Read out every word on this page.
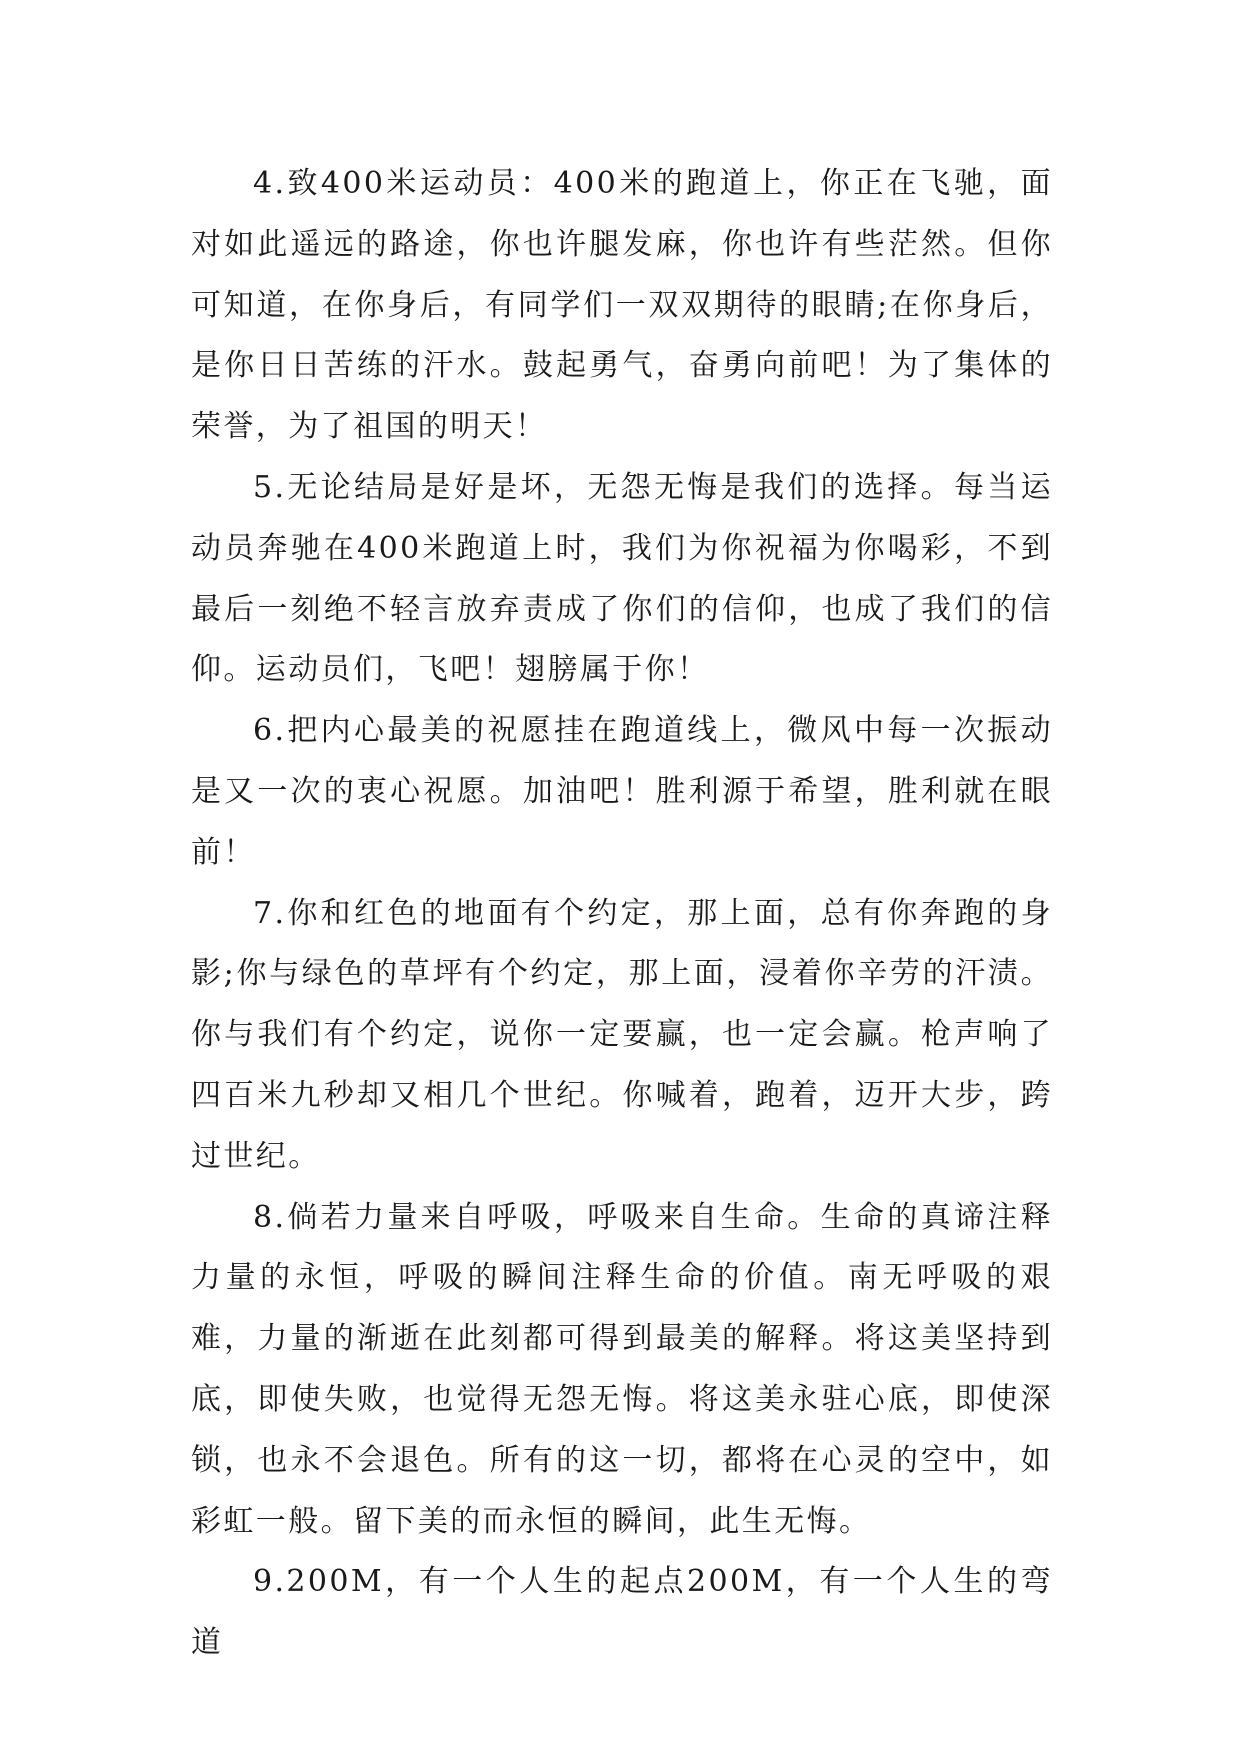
4.致400米运动员：400米的跑道上，你正在飞驰，面对如此遥远的路途，你也许腿发麻，你也许有些茫然。但你可知道，在你身后，有同学们一双双期待的眼睛;在你身后，是你日日苦练的汗水。鼓起勇气，奋勇向前吧！为了集体的荣誉，为了祖国的明天！

5.无论结局是好是坏，无怨无悔是我们的选择。每当运动员奔驰在400米跑道上时，我们为你祝福为你喝彩，不到最后一刻绝不轻言放弃责成了你们的信仰，也成了我们的信仰。运动员们，飞吧！翅膀属于你！

6.把内心最美的祝愿挂在跑道线上，微风中每一次振动是又一次的衷心祝愿。加油吧！胜利源于希望，胜利就在眼前！

7.你和红色的地面有个约定，那上面，总有你奔跑的身影;你与绿色的草坪有个约定，那上面，浸着你辛劳的汗渍。你与我们有个约定，说你一定要赢，也一定会赢。枪声响了四百米九秒却又相几个世纪。你喊着，跑着，迈开大步，跨过世纪。

8.倘若力量来自呼吸，呼吸来自生命。生命的真谛注释力量的永恒，呼吸的瞬间注释生命的价值。南无呼吸的艰难，力量的渐逝在此刻都可得到最美的解释。将这美坚持到底，即使失败，也觉得无怨无悔。将这美永驻心底，即使深锁，也永不会退色。所有的这一切，都将在心灵的空中，如彩虹一般。留下美的而永恒的瞬间，此生无悔。

9.200M，有一个人生的起点200M，有一个人生的弯道
